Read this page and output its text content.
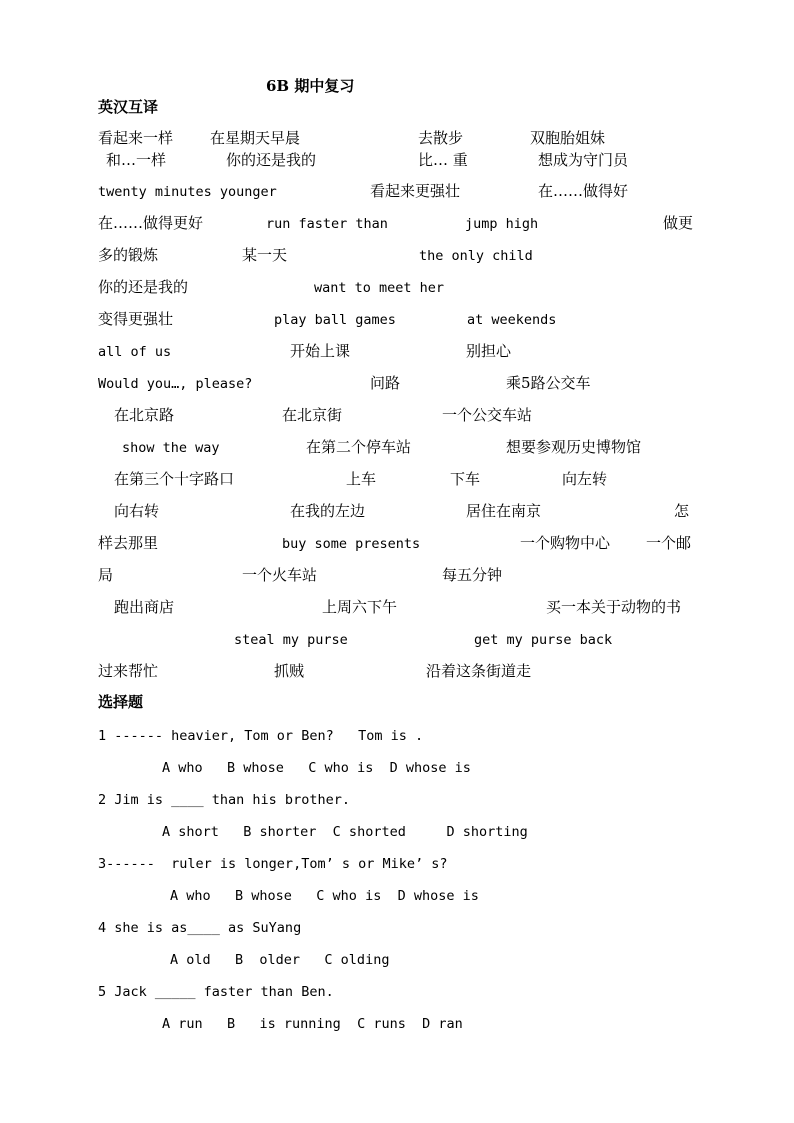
6B 期中复习
英汉互译
看起来一样 在星期天早晨	去散步	双胞胎姐妹
和…一样	你的还是我的	比… 重	想成为守门员
twenty minutes younger	看起来更强壮	在……做得好
在……做得更好	run faster than	jump high	做更
多的锻炼	某一天	the only child
你的还是我的	want to meet her
变得更强壮	play ball games	at weekends
all of us	开始上课	别担心
Would you…, please?	问路	乘5路公交车
在北京路	在北京街	一个公交车站
show the way	在第二个停车站	想要参观历史博物馆
在第三个十字路口	上车	下车	向左转
向右转	在我的左边	居住在南京	怎
样去那里	buy some presents	一个购物中心 一个邮
局	一个火车站	每五分钟
跑出商店	上周六下午	买一本关于动物的书
steal my purse	get my purse back
过来帮忙	抓贼	沿着这条街道走
选择题
1 ------ heavier, Tom or Ben?   Tom is .
A who   B whose   C who is  D whose is
2 Jim is ____ than his brother.
A short   B shorter  C shorted     D shorting
3------  ruler is longer,Tom’ s or Mike’ s?
A who   B whose   C who is  D whose is
4 she is as____ as SuYang
A old   B  older   C olding
5 Jack _____ faster than Ben.
A run   B   is running  C runs  D ran
